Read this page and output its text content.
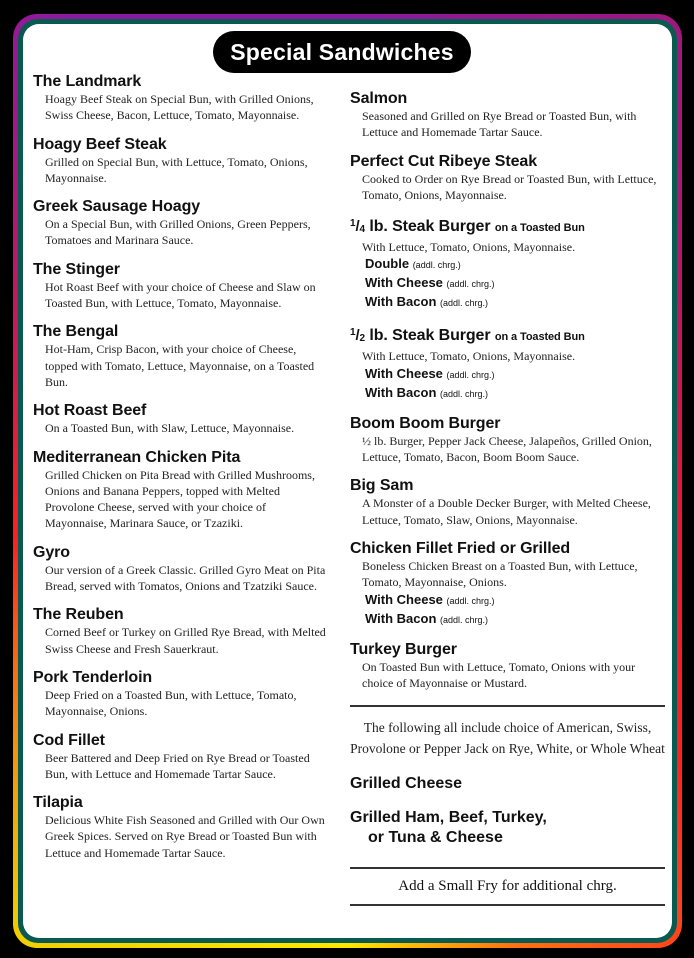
Special Sandwiches
The Landmark
Hoagy Beef Steak on Special Bun, with Grilled Onions, Swiss Cheese, Bacon, Lettuce, Tomato, Mayonnaise.
Hoagy Beef Steak
Grilled on Special Bun, with Lettuce, Tomato, Onions, Mayonnaise.
Greek Sausage Hoagy
On a Special Bun, with Grilled Onions, Green Peppers, Tomatoes and Marinara Sauce.
The Stinger
Hot Roast Beef with your choice of Cheese and Slaw on Toasted Bun, with Lettuce, Tomato, Mayonnaise.
The Bengal
Hot-Ham, Crisp Bacon, with your choice of Cheese, topped with Tomato, Lettuce, Mayonnaise, on a Toasted Bun.
Hot Roast Beef
On a Toasted Bun, with Slaw, Lettuce, Mayonnaise.
Mediterranean Chicken Pita
Grilled Chicken on Pita Bread with Grilled Mushrooms, Onions and Banana Peppers, topped with Melted Provolone Cheese, served with your choice of Mayonnaise, Marinara Sauce, or Tzaziki.
Gyro
Our version of a Greek Classic. Grilled Gyro Meat on Pita Bread, served with Tomatos, Onions and Tzatziki Sauce.
The Reuben
Corned Beef or Turkey on Grilled Rye Bread, with Melted Swiss Cheese and Fresh Sauerkraut.
Pork Tenderloin
Deep Fried on a Toasted Bun, with Lettuce, Tomato, Mayonnaise, Onions.
Cod Fillet
Beer Battered and Deep Fried on Rye Bread or Toasted Bun, with Lettuce and Homemade Tartar Sauce.
Tilapia
Delicious White Fish Seasoned and Grilled with Our Own Greek Spices. Served on Rye Bread or Toasted Bun with Lettuce and Homemade Tartar Sauce.
Salmon
Seasoned and Grilled on Rye Bread or Toasted Bun, with Lettuce and Homemade Tartar Sauce.
Perfect Cut Ribeye Steak
Cooked to Order on Rye Bread or Toasted Bun, with Lettuce, Tomato, Onions, Mayonnaise.
$^1/_4$ lb. Steak Burger on a Toasted Bun
With Lettuce, Tomato, Onions, Mayonnaise.
Double (addl. chrg.)
With Cheese (addl. chrg.)
With Bacon (addl. chrg.)
$^1/_2$ lb. Steak Burger on a Toasted Bun
With Lettuce, Tomato, Onions, Mayonnaise.
With Cheese (addl. chrg.)
With Bacon (addl. chrg.)
Boom Boom Burger
½ lb. Burger, Pepper Jack Cheese, Jalapeños, Grilled Onion, Lettuce, Tomato, Bacon, Boom Boom Sauce.
Big Sam
A Monster of a Double Decker Burger, with Melted Cheese, Lettuce, Tomato, Slaw, Onions, Mayonnaise.
Chicken Fillet Fried or Grilled
Boneless Chicken Breast on a Toasted Bun, with Lettuce, Tomato, Mayonnaise, Onions.
With Cheese (addl. chrg.)
With Bacon (addl. chrg.)
Turkey Burger
On Toasted Bun with Lettuce, Tomato, Onions with your choice of Mayonnaise or Mustard.
The following all include choice of American, Swiss,
Provolone or Pepper Jack on Rye, White, or Whole Wheat
Grilled Cheese
Grilled Ham, Beef, Turkey,
or Tuna & Cheese
Add a Small Fry for additional chrg.
